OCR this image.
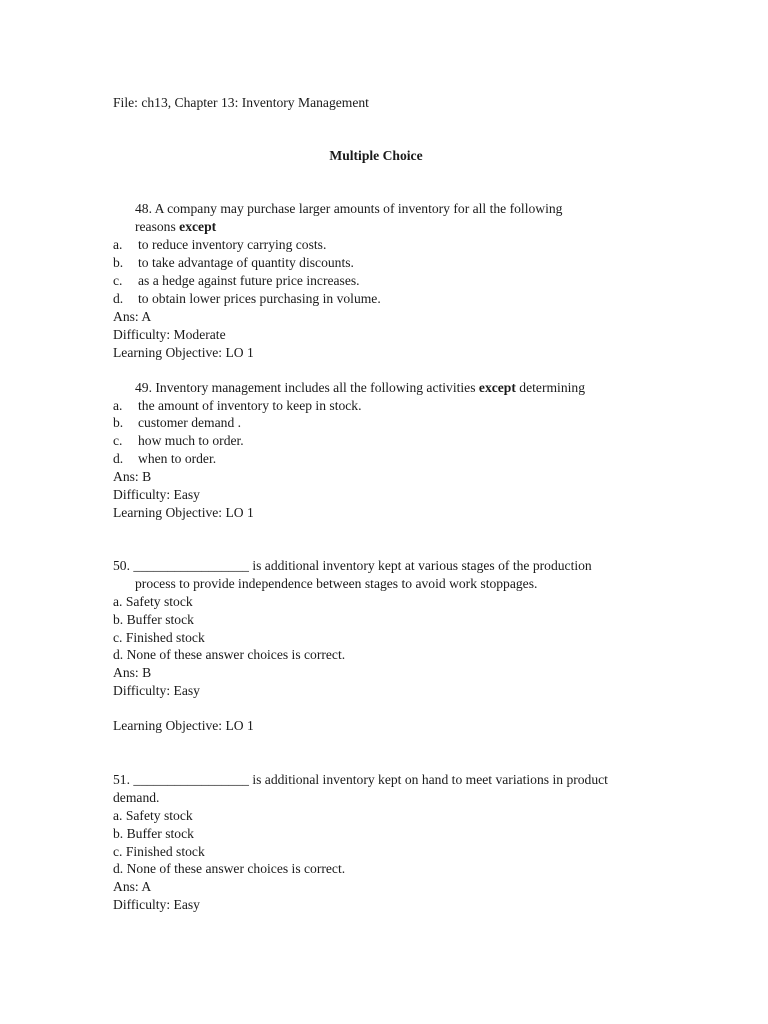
File: ch13, Chapter 13: Inventory Management
Multiple Choice
48. A company may purchase larger amounts of inventory for all the following
reasons except
a. to reduce inventory carrying costs.
b. to take advantage of quantity discounts.
c. as a hedge against future price increases.
d. to obtain lower prices purchasing in volume.
Ans: A
Difficulty: Moderate
Learning Objective: LO 1
49. Inventory management includes all the following activities except determining
a. the amount of inventory to keep in stock.
b. customer demand .
c. how much to order.
d. when to order.
Ans: B
Difficulty: Easy
Learning Objective: LO 1
50. _________________ is additional inventory kept at various stages of the production
process to provide independence between stages to avoid work stoppages.
a. Safety stock
b. Buffer stock
c. Finished stock
d. None of these answer choices is correct.
Ans: B
Difficulty: Easy
Learning Objective: LO 1
51. _________________ is additional inventory kept on hand to meet variations in product
demand.
a. Safety stock
b. Buffer stock
c. Finished stock
d. None of these answer choices is correct.
Ans: A
Difficulty: Easy
